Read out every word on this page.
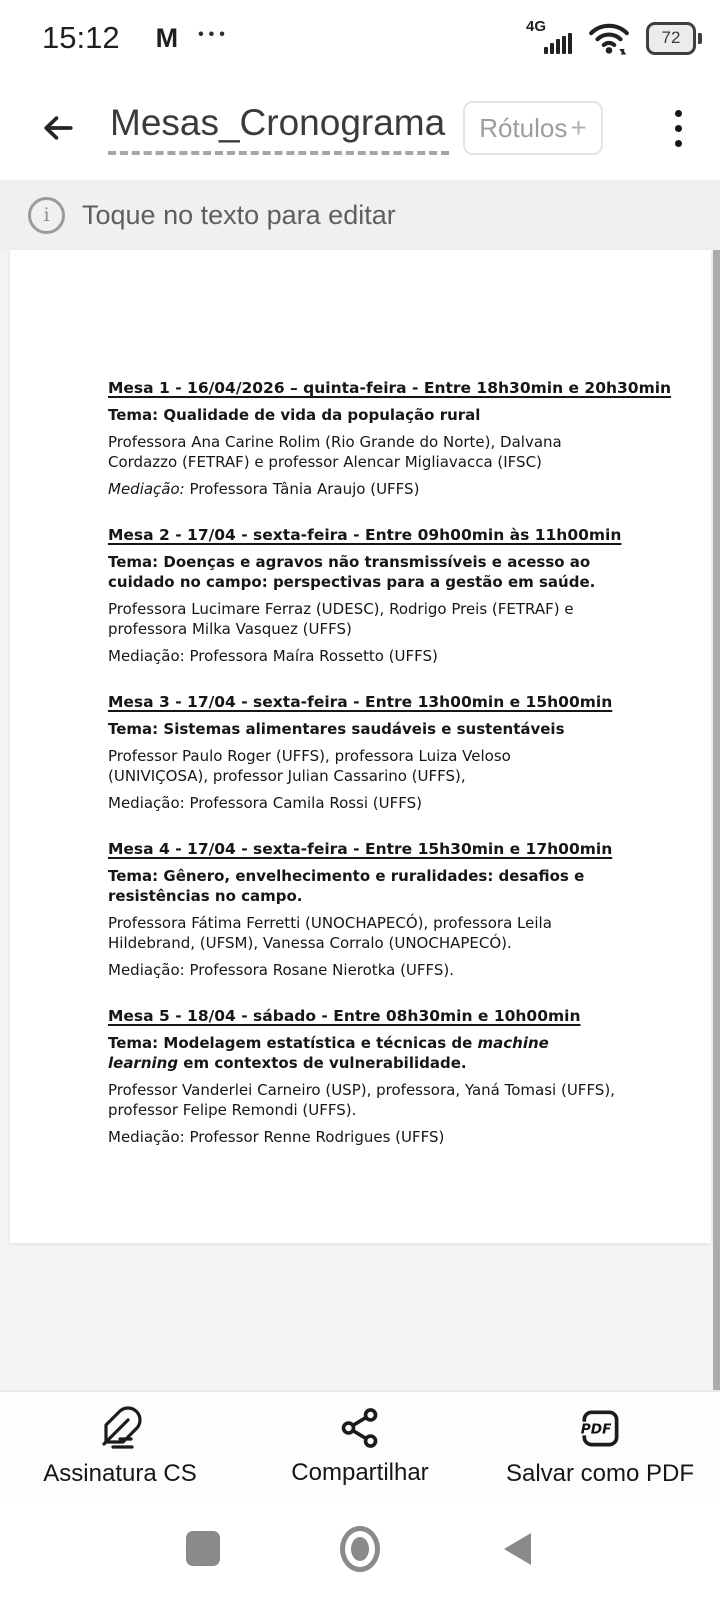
15:12 M •••	4G
72
Mesas_Cronograma Rótulos +
i	Toque no texto para editar

Mesa 1 - 16/04/2026 – quinta-feira - Entre 18h30min e 20h30min

Tema: Qualidade de vida da população rural

Professora Ana Carine Rolim (Rio Grande do Norte), Dalvana Cordazzo (FETRAF) e professor Alencar Migliavacca (IFSC)

Mediação: Professora Tânia Araujo (UFFS)

Mesa 2 - 17/04 - sexta-feira - Entre 09h00min às 11h00min

Tema: Doenças e agravos não transmissíveis e acesso ao cuidado no campo: perspectivas para a gestão em saúde.

Professora Lucimare Ferraz (UDESC), Rodrigo Preis (FETRAF) e professora Milka Vasquez (UFFS)

Mediação: Professora Maíra Rossetto (UFFS)

Mesa 3 - 17/04 - sexta-feira - Entre 13h00min e 15h00min

Tema: Sistemas alimentares saudáveis e sustentáveis

Professor Paulo Roger (UFFS), professora Luiza Veloso (UNIVIÇOSA), professor Julian Cassarino (UFFS),

Mediação: Professora Camila Rossi (UFFS)

Mesa 4 - 17/04 - sexta-feira - Entre 15h30min e 17h00min

Tema: Gênero, envelhecimento e ruralidades: desafios e resistências no campo.

Professora Fátima Ferretti (UNOCHAPECÓ), professora Leila Hildebrand, (UFSM), Vanessa Corralo (UNOCHAPECÓ).

Mediação: Professora Rosane Nierotka (UFFS).

Mesa 5 - 18/04 - sábado - Entre 08h30min e 10h00min

Tema: Modelagem estatística e técnicas de machine learning em contextos de vulnerabilidade.

Professor Vanderlei Carneiro (USP), professora, Yaná Tomasi (UFFS), professor Felipe Remondi (UFFS).

Mediação: Professor Renne Rodrigues (UFFS)

Assinatura CS	Compartilhar
PDF
Salvar como PDF
